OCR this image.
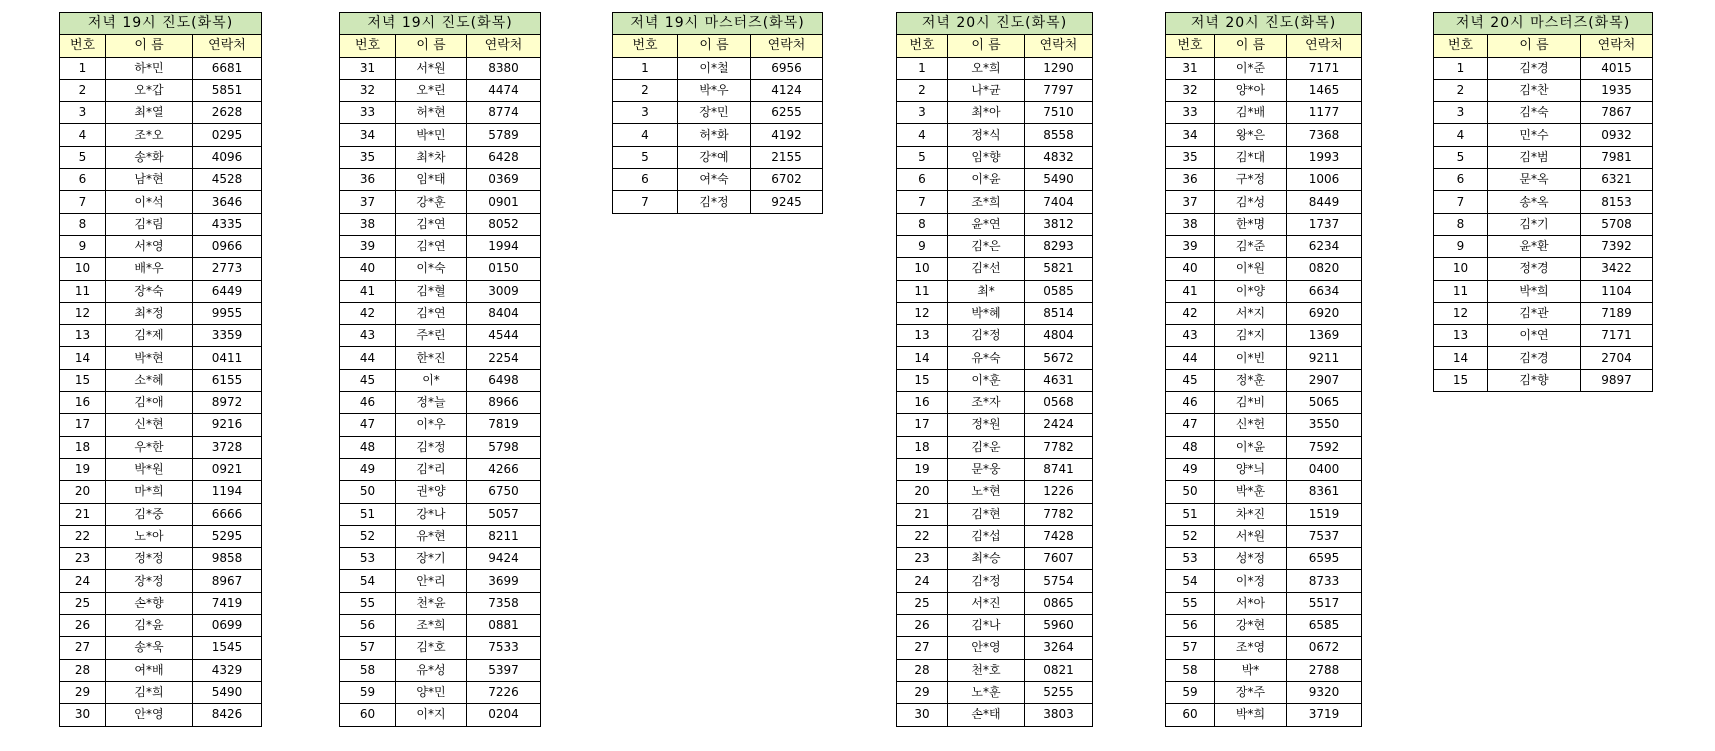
저녁 19시 진도(화목)		
번호	이 름	연락처
1	하*민	6681
2	오*갑	5851
3	최*열	2628
4	조*오	0295
5	송*화	4096
6	남*현	4528
7	이*석	3646
8	김*림	4335
9	서*영	0966
10	배*우	2773
11	장*숙	6449
12	최*정	9955
13	김*제	3359
14	박*현	0411
15	소*혜	6155
16	김*애	8972
17	신*현	9216
18	우*한	3728
19	박*원	0921
20	마*희	1194
21	김*중	6666
22	노*아	5295
23	정*정	9858
24	장*정	8967
25	손*향	7419
26	김*윤	0699
27	송*욱	1545
28	여*배	4329
29	김*희	5490
30	안*영	8426
저녁 19시 진도(화목)		
번호	이 름	연락처
31	서*원	8380
32	오*린	4474
33	허*현	8774
34	박*민	5789
35	최*차	6428
36	임*태	0369
37	강*훈	0901
38	김*연	8052
39	김*연	1994
40	이*숙	0150
41	김*혈	3009
42	김*연	8404
43	주*린	4544
44	한*진	2254
45	이*	6498
46	정*늘	8966
47	이*우	7819
48	김*정	5798
49	김*리	4266
50	권*양	6750
51	강*나	5057
52	유*현	8211
53	장*기	9424
54	안*리	3699
55	천*윤	7358
56	조*희	0881
57	김*호	7533
58	유*성	5397
59	양*민	7226
60	이*지	0204
저녁 19시 마스터즈(화목)		
번호	이 름	연락처
1	이*철	6956
2	박*우	4124
3	장*민	6255
4	허*화	4192
5	강*예	2155
6	여*숙	6702
7	김*정	9245
저녁 20시 진도(화목)		
번호	이 름	연락처
1	오*희	1290
2	나*균	7797
3	최*아	7510
4	정*식	8558
5	임*향	4832
6	이*윤	5490
7	조*희	7404
8	윤*연	3812
9	김*은	8293
10	김*선	5821
11	최*	0585
12	박*혜	8514
13	김*정	4804
14	유*숙	5672
15	이*훈	4631
16	조*자	0568
17	정*원	2424
18	김*운	7782
19	문*웅	8741
20	노*현	1226
21	김*현	7782
22	김*섭	7428
23	최*승	7607
24	김*정	5754
25	서*진	0865
26	김*나	5960
27	안*영	3264
28	천*호	0821
29	노*훈	5255
30	손*태	3803
저녁 20시 진도(화목)		
번호	이 름	연락처
31	이*준	7171
32	양*아	1465
33	김*배	1177
34	왕*은	7368
35	김*대	1993
36	구*정	1006
37	김*성	8449
38	한*명	1737
39	김*준	6234
40	이*원	0820
41	이*양	6634
42	서*지	6920
43	김*지	1369
44	이*빈	9211
45	정*훈	2907
46	김*비	5065
47	신*헌	3550
48	이*윤	7592
49	양*늬	0400
50	박*훈	8361
51	차*진	1519
52	서*원	7537
53	성*정	6595
54	이*정	8733
55	서*아	5517
56	강*현	6585
57	조*영	0672
58	박*	2788
59	장*주	9320
60	박*희	3719
저녁 20시 마스터즈(화목)		
번호	이 름	연락처
1	김*경	4015
2	김*찬	1935
3	김*숙	7867
4	민*수	0932
5	김*범	7981
6	문*옥	6321
7	송*옥	8153
8	김*기	5708
9	윤*환	7392
10	정*경	3422
11	박*희	1104
12	김*관	7189
13	이*연	7171
14	김*경	2704
15	김*향	9897
